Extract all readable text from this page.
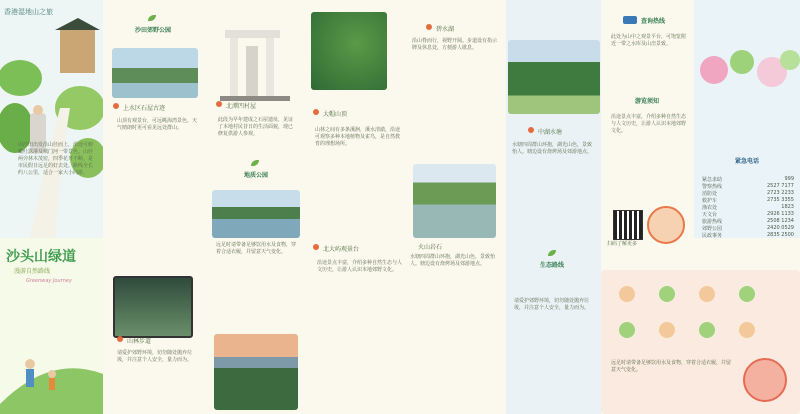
香港湿地山之旅
由沙田出发沿山径而上，沿途可俯瞰吐露港及城门河一带景色。山径两旁林木茂密，四季花开不断，是市民假日远足的好去处。路线全长约八公里，适合一家大小同游。
沙田郊野公园
上水区石屋古迹
山顶有观景台，可远眺海湾景色，天气晴朗时更可看见远处群山。
北潭凹村屋
此段为早年建成之石屋遗址，见证了本地村民昔日的生活面貌，现已修复供游人参观。
地质公园
大帽山顶
山林之间有多条溪涧，溪水清澈，沿途可观察多种本地植物及雀鸟，是自然教育的理想场所。
碧水湖
沿山脊而行，视野开阔。步道设有指示牌及休息处，方便游人歇息。
中湖水塘
水塘四周群山环抱，湖光山色，景致怡人。塘边设有烧烤场及郊游地点。
查询热线
此处为山中之观景平台，可饱览附近一带之水库及山峦景致。
游览须知
沿途景点丰富，介绍多种自然生态与人文历史，让游人认识本地郊野文化。
扫码了解更多
紧急电话
紧急求助	999
警察热线	2527 7177
消防处	2723 2233
救护车	2735 3355
渔农处	1823
天文台	2926 1133
旅游热线	2508 1234
郊野公园	2420 0529
民政事务	2835 2500
沙头山绿道
漫游自然路线
Greenway Journey
山林步道
请爱护郊野环境，切勿随处抛弃垃圾，并注意个人安全，量力而为。
远足时请带备足够饮用水及食物，穿着合适衣履，并留意天气变化。	北大屿观景台
沿途景点丰富，介绍多种自然生态与人文历史，让游人认识本地郊野文化。
火山岩石
水塘四周群山环抱，湖光山色，景致怡人。塘边设有烧烤场及郊游地点。	生态路线
请爱护郊野环境，切勿随处抛弃垃圾，并注意个人安全，量力而为。
远足时请带备足够饮用水及食物，穿着合适衣履，并留意天气变化。
